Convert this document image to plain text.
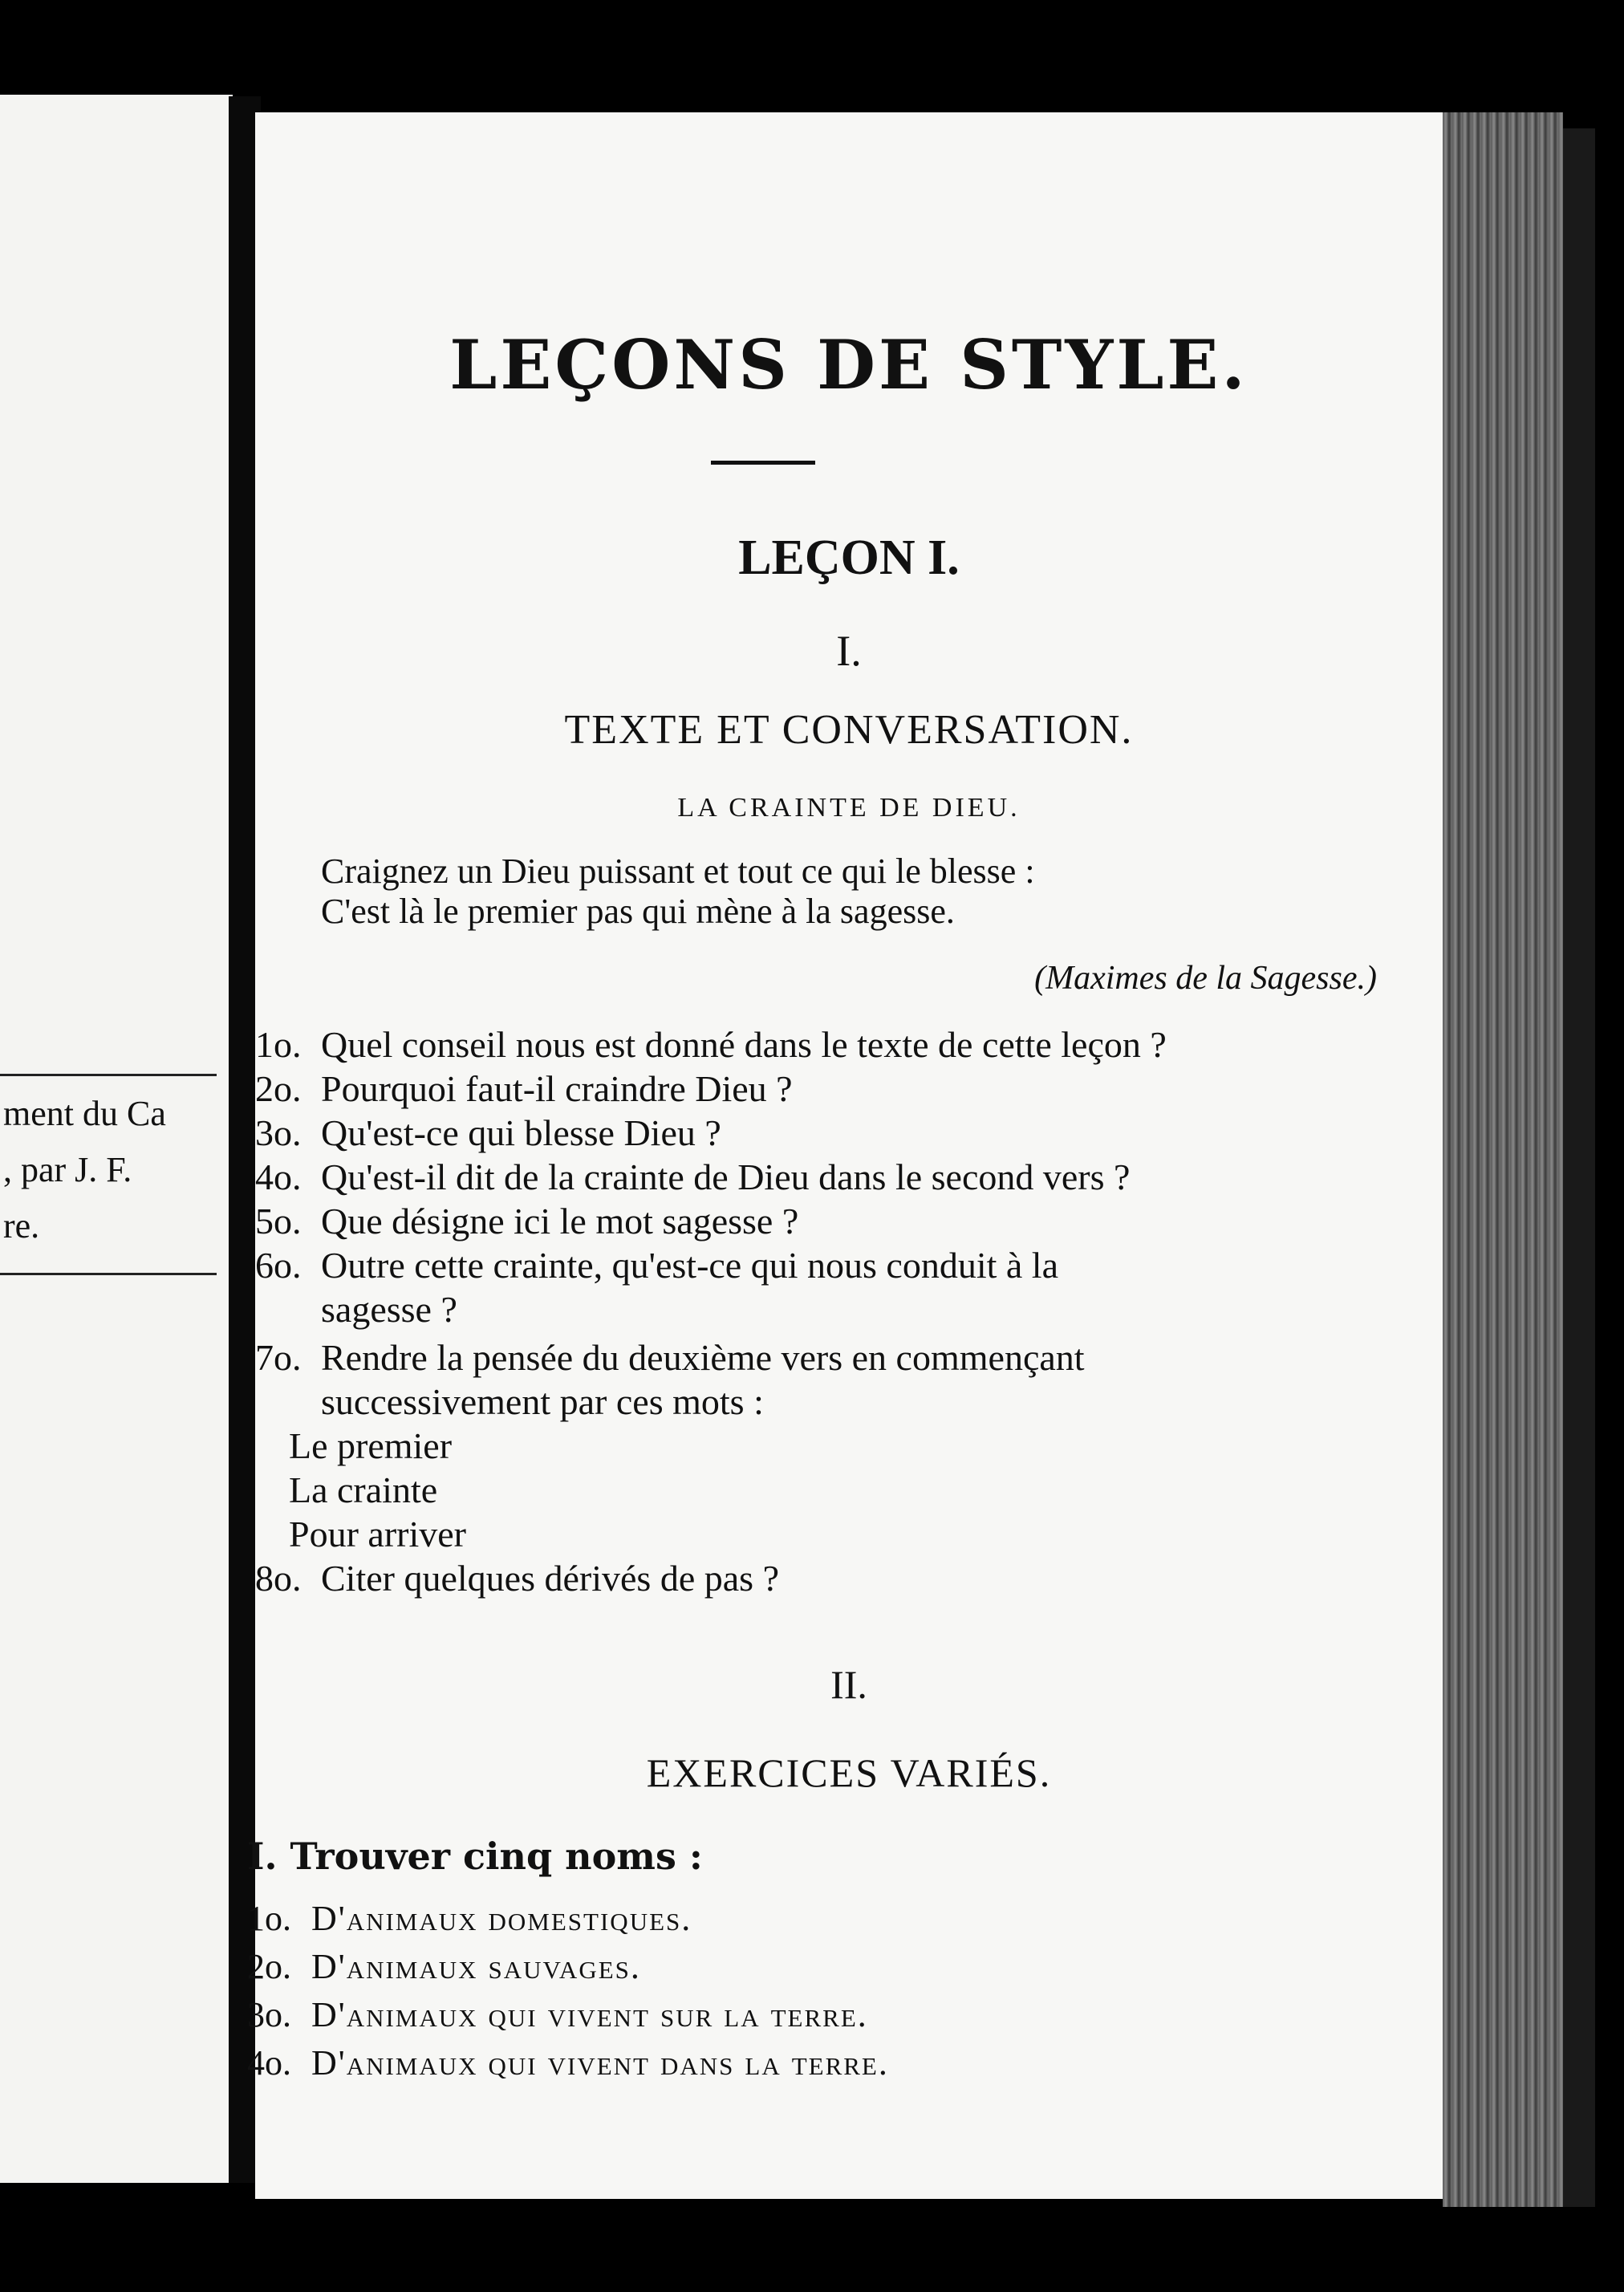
ment du Ca
, par J. F.
re.
LEÇONS DE STYLE.
LEÇON I.
I.
TEXTE ET CONVERSATION.
LA CRAINTE DE DIEU.
Craignez un Dieu puissant et tout ce qui le blesse :
C'est là le premier pas qui mène à la sagesse.
(Maximes de la Sagesse.)
1o. Quel conseil nous est donné dans le texte de cette leçon ?
2o. Pourquoi faut-il craindre Dieu ?
3o. Qu'est-ce qui blesse Dieu ?
4o. Qu'est-il dit de la crainte de Dieu dans le second vers ?
5o. Que désigne ici le mot sagesse ?
6o. Outre cette crainte, qu'est-ce qui nous conduit à la
sagesse ?
7o. Rendre la pensée du deuxième vers en commençant
successivement par ces mots :
Le premier
La crainte
Pour arriver
8o. Citer quelques dérivés de pas ?
II.
EXERCICES VARIÉS.
I. Trouver cinq noms :
1o. D'animaux domestiques.
2o. D'animaux sauvages.
3o. D'animaux qui vivent sur la terre.
4o. D'animaux qui vivent dans la terre.
